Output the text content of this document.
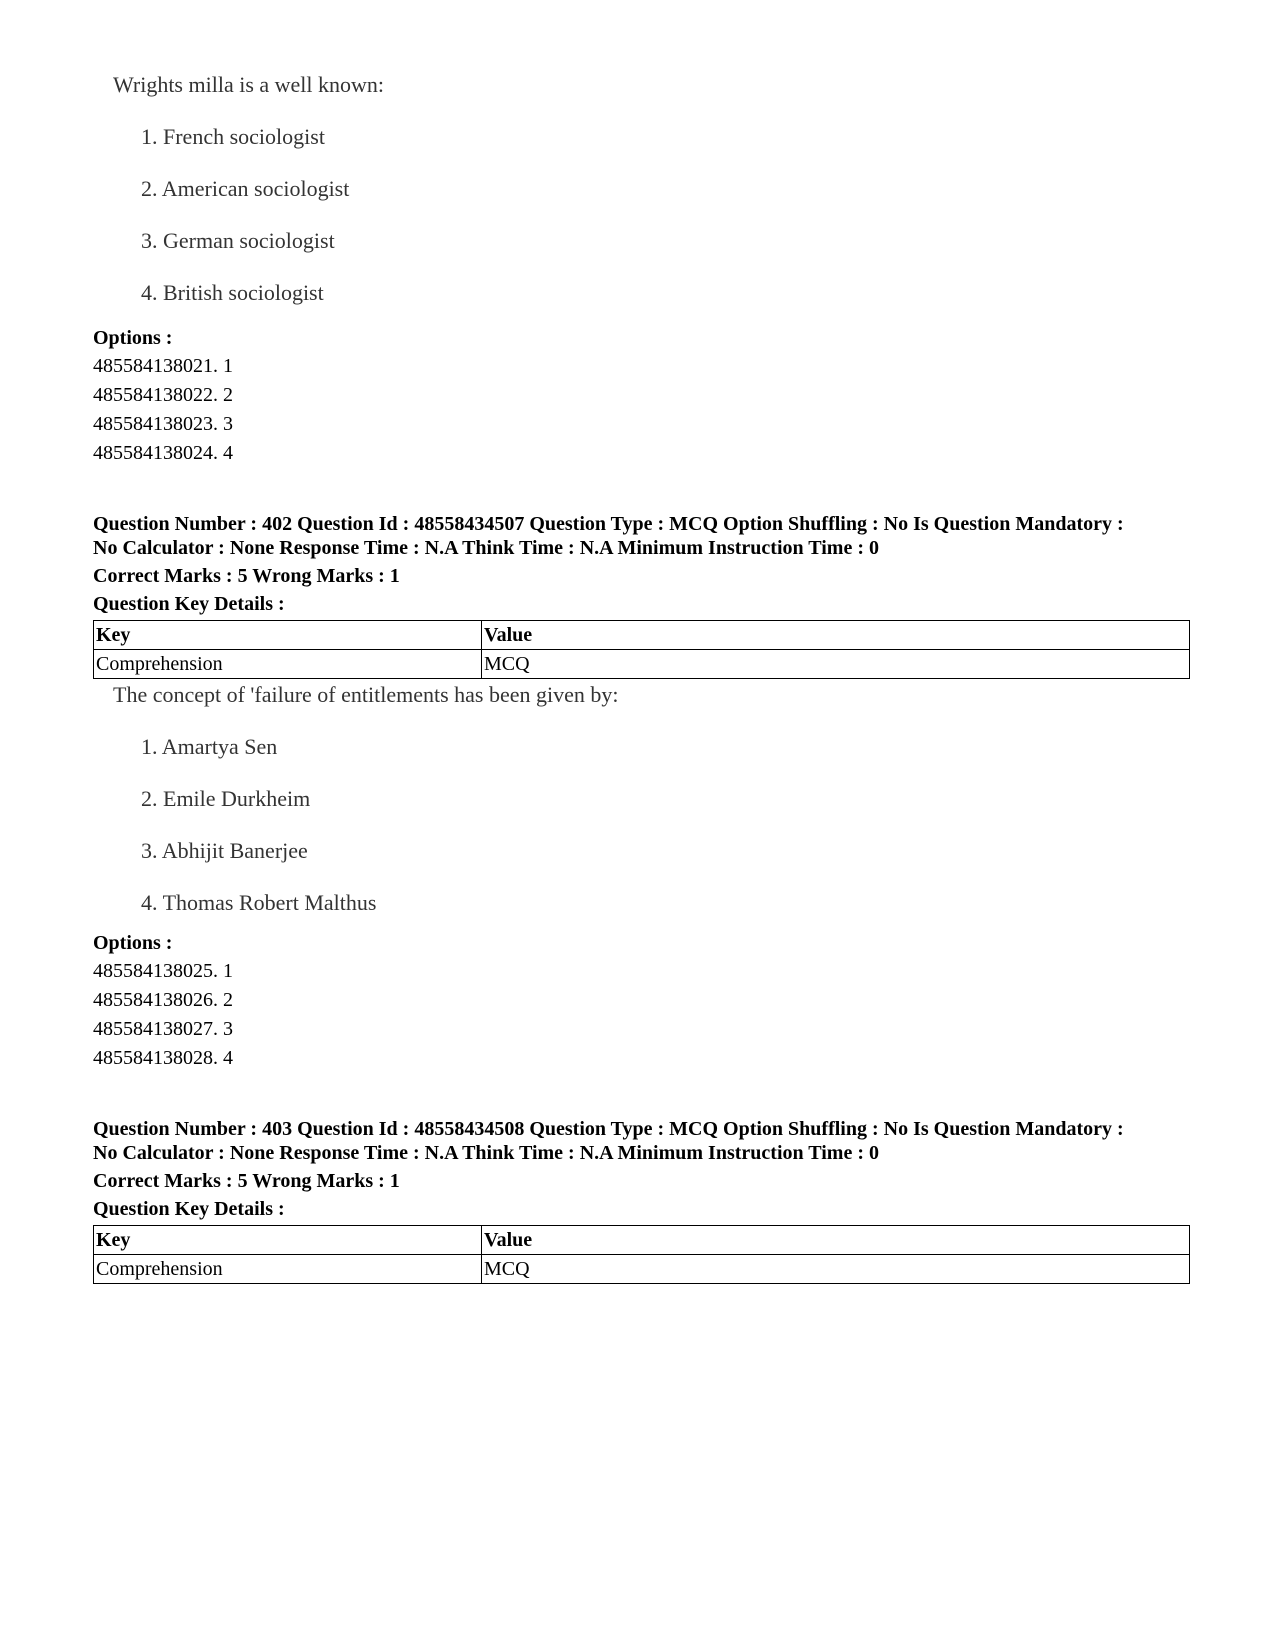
Wrights milla is a well known:
1. French sociologist
2. American sociologist
3. German sociologist
4. British sociologist
Options :
485584138021. 1
485584138022. 2
485584138023. 3
485584138024. 4
Question Number : 402 Question Id : 48558434507 Question Type : MCQ Option Shuffling : No Is Question Mandatory :
No Calculator : None Response Time : N.A Think Time : N.A Minimum Instruction Time : 0
Correct Marks : 5 Wrong Marks : 1
Question Key Details :
Key	Value
Comprehension	MCQ
The concept of 'failure of entitlements has been given by:
1. Amartya Sen
2. Emile Durkheim
3. Abhijit Banerjee
4. Thomas Robert Malthus
Options :
485584138025. 1
485584138026. 2
485584138027. 3
485584138028. 4
Question Number : 403 Question Id : 48558434508 Question Type : MCQ Option Shuffling : No Is Question Mandatory :
No Calculator : None Response Time : N.A Think Time : N.A Minimum Instruction Time : 0
Correct Marks : 5 Wrong Marks : 1
Question Key Details :
Key	Value
Comprehension	MCQ
